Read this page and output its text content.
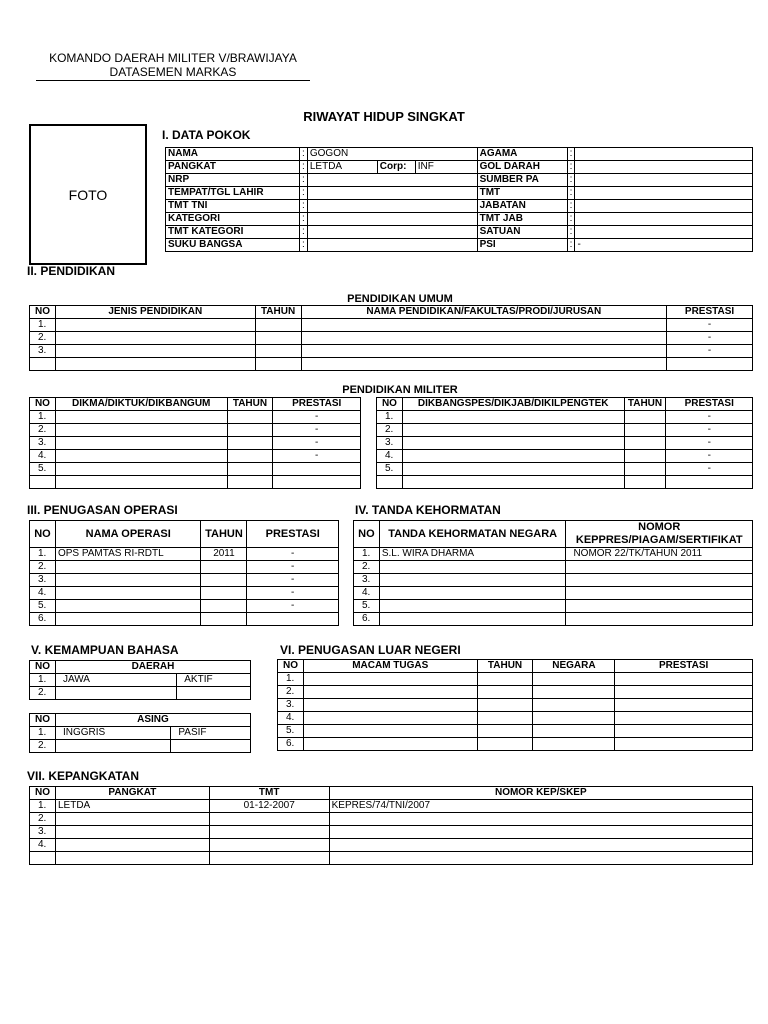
KOMANDO DAERAH MILITER V/BRAWIJAYA
DATASEMEN MARKAS
RIWAYAT HIDUP SINGKAT
FOTO
I. DATA POKOK
NAMA	:	GOGON			AGAMA	:	
PANGKAT	:	LETDA	Corp:	INF	GOL DARAH	:	
NRP	:				SUMBER PA	:	
TEMPAT/TGL LAHIR	:				TMT	:	
TMT TNI	:				JABATAN	:	
KATEGORI	:				TMT JAB	:	
TMT KATEGORI	:				SATUAN	:	
SUKU BANGSA	:				PSI	:	-
II. PENDIDIKAN
PENDIDIKAN UMUM
NO	JENIS PENDIDIKAN	TAHUN	NAMA PENDIDIKAN/FAKULTAS/PRODI/JURUSAN	PRESTASI
1.				-
2.				-
3.				-

PENDIDIKAN MILITER
NO	DIKMA/DIKTUK/DIKBANGUM	TAHUN	PRESTASI
1.			-
2.			-
3.			-
4.			-
5.			

NO	DIKBANGSPES/DIKJAB/DIKILPENGTEK	TAHUN	PRESTASI
1.			-
2.			-
3.			-
4.			-
5.			-

III. PENUGASAN OPERASI
NO	NAMA OPERASI	TAHUN	PRESTASI
1.	OPS PAMTAS RI-RDTL	2011	-
2.			-
3.			-
4.			-
5.			-
6.			
IV. TANDA KEHORMATAN
NO	TANDA KEHORMATAN NEGARA	NOMOR
KEPPRES/PIAGAM/SERTIFIKAT

1.	S.L. WIRA DHARMA	NOMOR 22/TK/TAHUN 2011
2.		
3.		
4.		
5.		
6.		
V. KEMAMPUAN BAHASA
NO	DAERAH	
1.	JAWA	AKTIF
2.		
NO	ASING	
1.	INGGRIS	PASIF
2.		
VI. PENUGASAN LUAR NEGERI
NO	MACAM TUGAS	TAHUN	NEGARA	PRESTASI
1.				
2.				
3.				
4.				
5.				
6.				
VII. KEPANGKATAN
NO	PANGKAT	TMT	NOMOR KEP/SKEP
1.	LETDA	01-12-2007	KEPRES/74/TNI/2007
2.			
3.			
4.			
